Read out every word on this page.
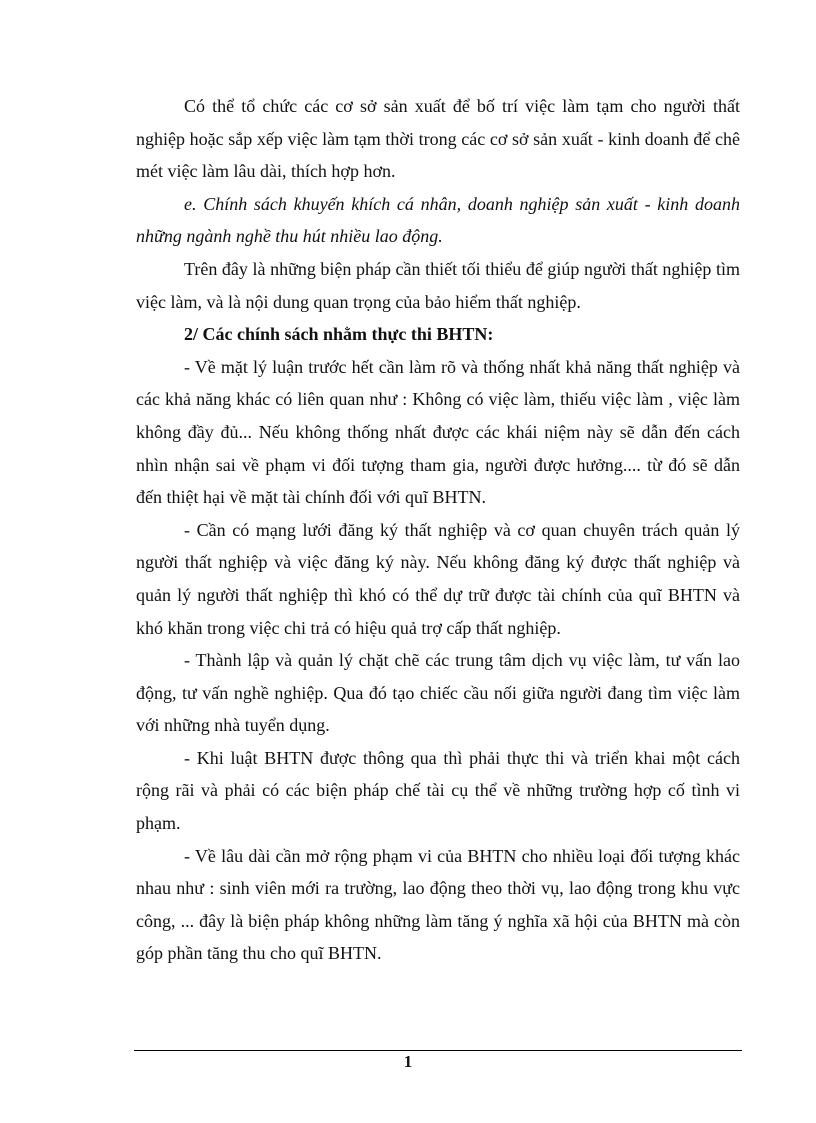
Có thể tổ chức các cơ sở sản xuất để bố trí việc làm tạm cho người thất nghiệp hoặc sắp xếp việc làm tạm thời trong các cơ sở sản xuất - kinh doanh để chê mét việc làm lâu dài, thích hợp hơn.

e. Chính sách khuyến khích cá nhân, doanh nghiệp sản xuất - kinh doanh những ngành nghề thu hút nhiều lao động.

Trên đây là những biện pháp cần thiết tối thiểu để giúp người thất nghiệp tìm việc làm, và là nội dung quan trọng của bảo hiểm thất nghiệp.

2/ Các chính sách nhằm thực thi BHTN:

- Về mặt lý luận trước hết cần làm rõ và thống nhất khả năng thất nghiệp và các khả năng khác có liên quan như : Không có việc làm, thiếu việc làm , việc làm không đầy đủ... Nếu không thống nhất được các khái niệm này sẽ dẫn đến cách nhìn nhận sai về phạm vi đối tượng tham gia, người được hưởng.... từ đó sẽ dẫn đến thiệt hại về mặt tài chính đối với quĩ BHTN.

- Cần có mạng lưới đăng ký thất nghiệp và cơ quan chuyên trách quản lý người thất nghiệp và việc đăng ký này. Nếu không đăng ký được thất nghiệp và quản lý người thất nghiệp thì khó có thể dự trữ được tài chính của quĩ BHTN và khó khăn trong việc chi trả có hiệu quả trợ cấp thất nghiệp.

- Thành lập và quản lý chặt chẽ các trung tâm dịch vụ việc làm, tư vấn lao động, tư vấn nghề nghiệp. Qua đó tạo chiếc cầu nối giữa người đang tìm việc làm với những nhà tuyển dụng.

- Khi luật BHTN được thông qua thì phải thực thi và triển khai một cách rộng rãi và phải có các biện pháp chế tài cụ thể về những trường hợp cố tình vi phạm.

- Về lâu dài cần mở rộng phạm vi của BHTN cho nhiều loại đối tượng khác nhau như : sinh viên mới ra trường, lao động theo thời vụ, lao động trong khu vực công, ... đây là biện pháp không những làm tăng ý nghĩa xã hội của BHTN mà còn góp phần tăng thu cho quĩ BHTN.

1
